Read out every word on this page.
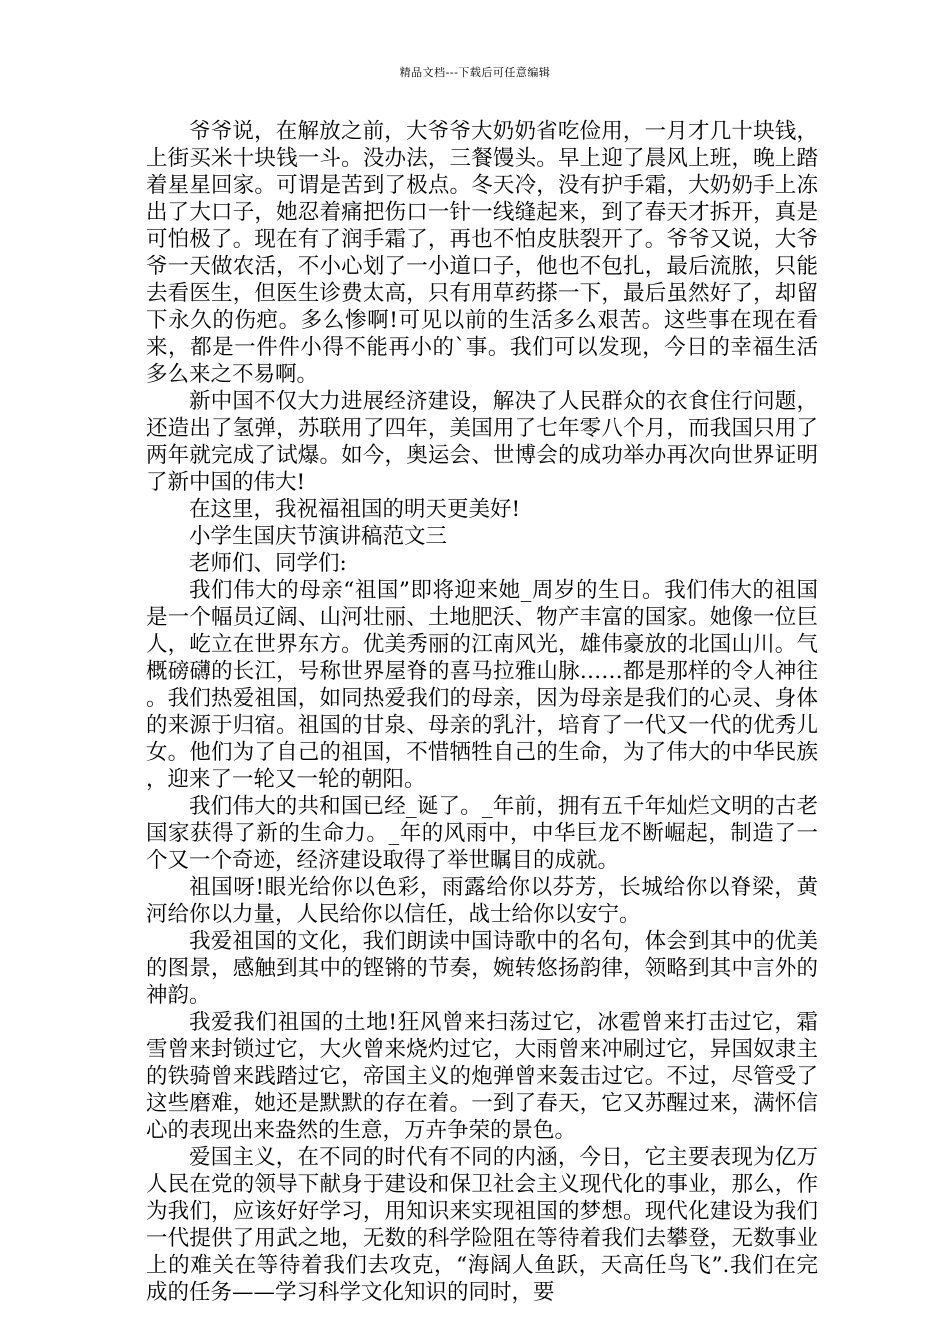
精品文档---下载后可任意编辑

爷爷说，在解放之前，大爷爷大奶奶省吃俭用，一月才几十块钱，上街买米十块钱一斗。没办法，三餐馒头。早上迎了晨风上班，晚上踏着星星回家。可谓是苦到了极点。冬天冷，没有护手霜，大奶奶手上冻出了大口子，她忍着痛把伤口一针一线缝起来，到了春天才拆开，真是可怕极了。现在有了润手霜了，再也不怕皮肤裂开了。爷爷又说，大爷爷一天做农活，不小心划了一小道口子，他也不包扎，最后流脓，只能去看医生，但医生诊费太高，只有用草药搽一下，最后虽然好了，却留下永久的伤疤。多么惨啊!可见以前的生活多么艰苦。这些事在现在看来，都是一件件小得不能再小的`事。我们可以发现，今日的幸福生活多么来之不易啊。

新中国不仅大力进展经济建设，解决了人民群众的衣食住行问题，还造出了氢弹，苏联用了四年，美国用了七年零八个月，而我国只用了两年就完成了试爆。如今，奥运会、世博会的成功举办再次向世界证明了新中国的伟大!

在这里，我祝福祖国的明天更美好!

小学生国庆节演讲稿范文三

老师们、同学们:

我们伟大的母亲“祖国”即将迎来她_周岁的生日。我们伟大的祖国是一个幅员辽阔、山河壮丽、土地肥沃、物产丰富的国家。她像一位巨人，屹立在世界东方。优美秀丽的江南风光，雄伟豪放的北国山川。气概磅礴的长江，号称世界屋脊的喜马拉雅山脉……都是那样的令人神往。我们热爱祖国，如同热爱我们的母亲，因为母亲是我们的心灵、身体的来源于归宿。祖国的甘泉、母亲的乳汁，培育了一代又一代的优秀儿女。他们为了自己的祖国，不惜牺牲自己的生命，为了伟大的中华民族，迎来了一轮又一轮的朝阳。

我们伟大的共和国已经_诞了。_年前，拥有五千年灿烂文明的古老国家获得了新的生命力。_年的风雨中，中华巨龙不断崛起，制造了一个又一个奇迹，经济建设取得了举世瞩目的成就。

祖国呀!眼光给你以色彩，雨露给你以芬芳，长城给你以脊梁，黄河给你以力量，人民给你以信任，战士给你以安宁。

我爱祖国的文化，我们朗读中国诗歌中的名句，体会到其中的优美的图景，感触到其中的铿锵的节奏，婉转悠扬韵律，领略到其中言外的神韵。

我爱我们祖国的土地!狂风曾来扫荡过它，冰雹曾来打击过它，霜雪曾来封锁过它，大火曾来烧灼过它，大雨曾来冲刷过它，异国奴隶主的铁骑曾来践踏过它，帝国主义的炮弹曾来轰击过它。不过，尽管受了这些磨难，她还是默默的存在着。一到了春天，它又苏醒过来，满怀信心的表现出来盎然的生意，万卉争荣的景色。

爱国主义，在不同的时代有不同的内涵，今日，它主要表现为亿万人民在党的领导下献身于建设和保卫社会主义现代化的事业，那么，作为我们，应该好好学习，用知识来实现祖国的梦想。现代化建设为我们一代提供了用武之地，无数的科学险阻在等待着我们去攀登，无数事业上的难关在等待着我们去攻克，“海阔人鱼跃，天高任鸟飞”.我们在完成的任务——学习科学文化知识的同时，要
